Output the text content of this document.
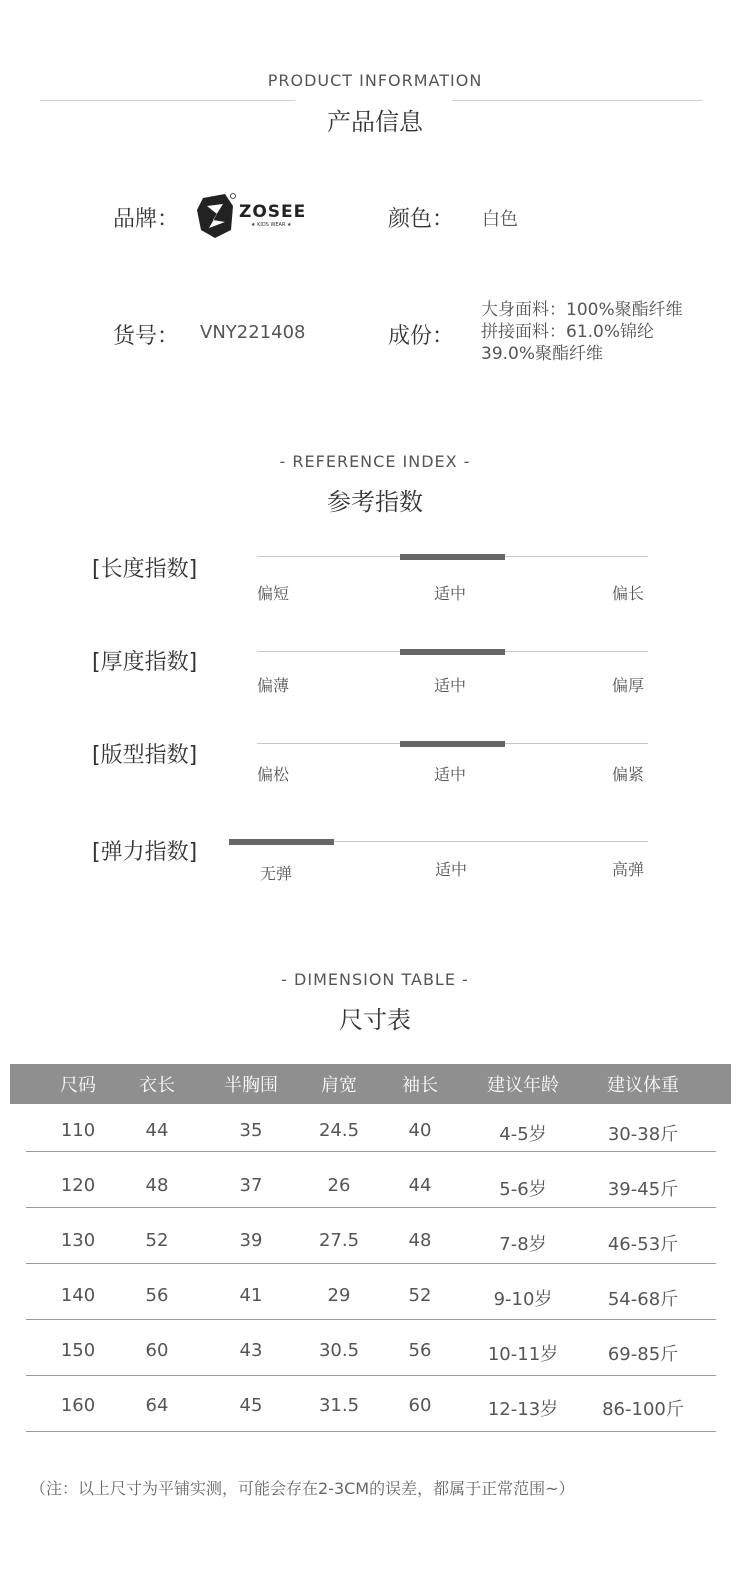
PRODUCT INFORMATION
产品信息
品牌：	ZOSEE
★ KIDS WEAR ★	颜色： 白色
货号： VNY221408	成份：
大身面料：100%聚酯纤维
拼接面料：61.0%锦纶
39.0%聚酯纤维
- REFERENCE INDEX -
参考指数
[长度指数]
偏短	适中	偏长
[厚度指数]
偏薄	适中	偏厚
[版型指数]
偏松	适中	偏紧
[弹力指数]
无弹	适中	高弹
- DIMENSION TABLE -
尺寸表
尺码	衣长	半胸围	肩宽	袖长	建议年龄	建议体重
110	44	35	24.5	40	4-5岁	30-38斤
120	48	37	26	44	5-6岁	39-45斤
130	52	39	27.5	48	7-8岁	46-53斤
140	56	41	29	52	9-10岁	54-68斤
150	60	43	30.5	56	10-11岁	69-85斤
160	64	45	31.5	60	12-13岁	86-100斤
（注：以上尺寸为平铺实测，可能会存在2-3CM的误差，都属于正常范围~）
